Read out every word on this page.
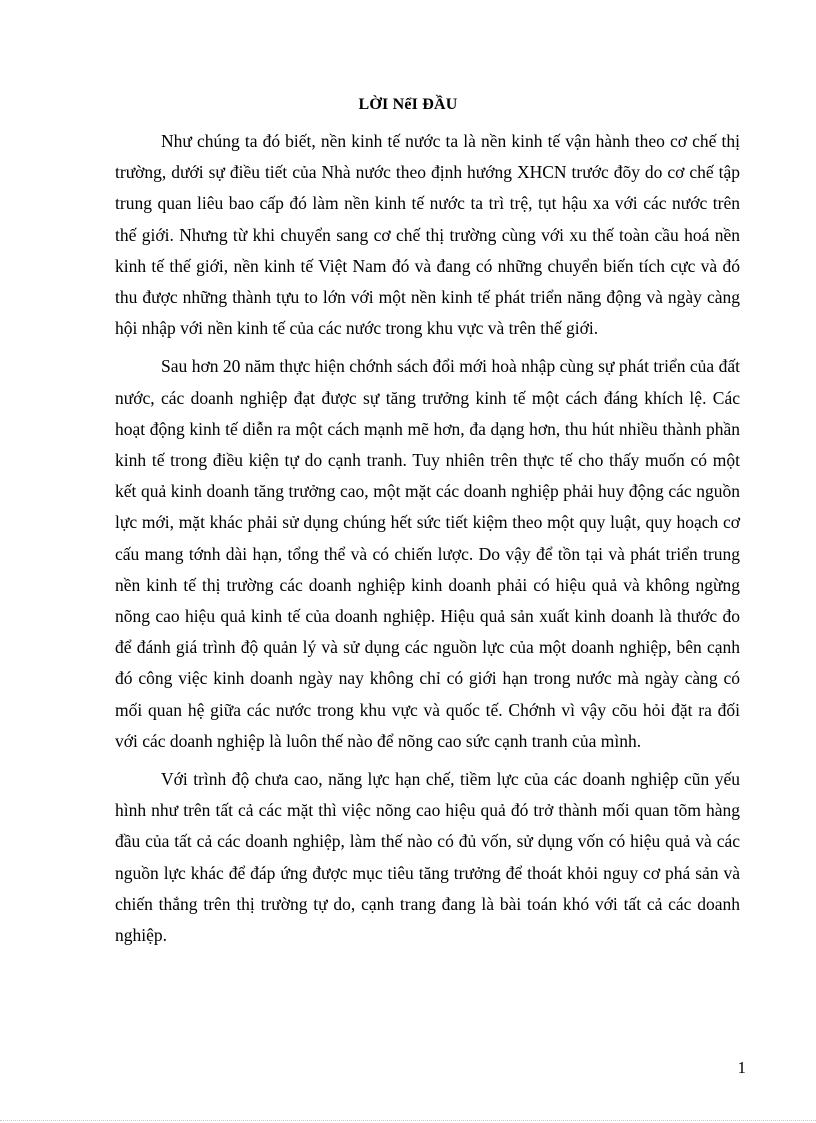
LỜI NểI ĐẦU

Như chúng ta đó biết, nền kinh tế nước ta là nền kinh tế vận hành theo cơ chế thị trường, dưới sự điều tiết của Nhà nước theo định hướng XHCN trước đõy do cơ chế tập trung quan liêu bao cấp đó làm nền kinh tế nước ta trì trệ, tụt hậu xa với các nước trên thế giới. Nhưng từ khi chuyển sang cơ chế thị trường cùng với xu thế toàn cầu hoá nền kinh tế thế giới, nền kinh tế Việt Nam đó và đang có những chuyển biến tích cực và đó thu được những thành tựu to lớn với một nền kinh tế phát triển năng động và ngày càng hội nhập với nền kinh tế của các nước trong khu vực và trên thế giới.

Sau hơn 20 năm thực hiện chớnh sách đổi mới hoà nhập cùng sự phát triển của đất nước, các doanh nghiệp đạt được sự tăng trưởng kinh tế một cách đáng khích lệ. Các hoạt động kinh tế diễn ra một cách mạnh mẽ hơn, đa dạng hơn, thu hút nhiều thành phần kinh tế trong điều kiện tự do cạnh tranh. Tuy nhiên trên thực tế cho thấy muốn có một kết quả kinh doanh tăng trưởng cao, một mặt các doanh nghiệp phải huy động các nguồn lực mới, mặt khác phải sử dụng chúng hết sức tiết kiệm theo một quy luật, quy hoạch cơ cấu mang tớnh dài hạn, tổng thể và có chiến lược. Do vậy để tồn tại và phát triển trung nền kinh tế thị trường các doanh nghiệp kinh doanh phải có hiệu quả và không ngừng nõng cao hiệu quả kinh tế của doanh nghiệp. Hiệu quả sản xuất kinh doanh là thước đo để đánh giá trình độ quản lý và sử dụng các nguồn lực của một doanh nghiệp, bên cạnh đó công việc kinh doanh ngày nay không chỉ có giới hạn trong nước mà ngày càng có mối quan hệ giữa các nước trong khu vực và quốc tế. Chớnh vì vậy cõu hỏi đặt ra đối với các doanh nghiệp là luôn thế nào để nõng cao sức cạnh tranh của mình.

Với trình độ chưa cao, năng lực hạn chế, tiềm lực của các doanh nghiệp cũn yếu hình như trên tất cả các mặt thì việc nõng cao hiệu quả đó trở thành mối quan tõm hàng đầu của tất cả các doanh nghiệp, làm thế nào có đủ vốn, sử dụng vốn có hiệu quả và các nguồn lực khác để đáp ứng được mục tiêu tăng trưởng để thoát khỏi nguy cơ phá sản và chiến thắng trên thị trường tự do, cạnh trang đang là bài toán khó với tất cả các doanh nghiệp.

1
